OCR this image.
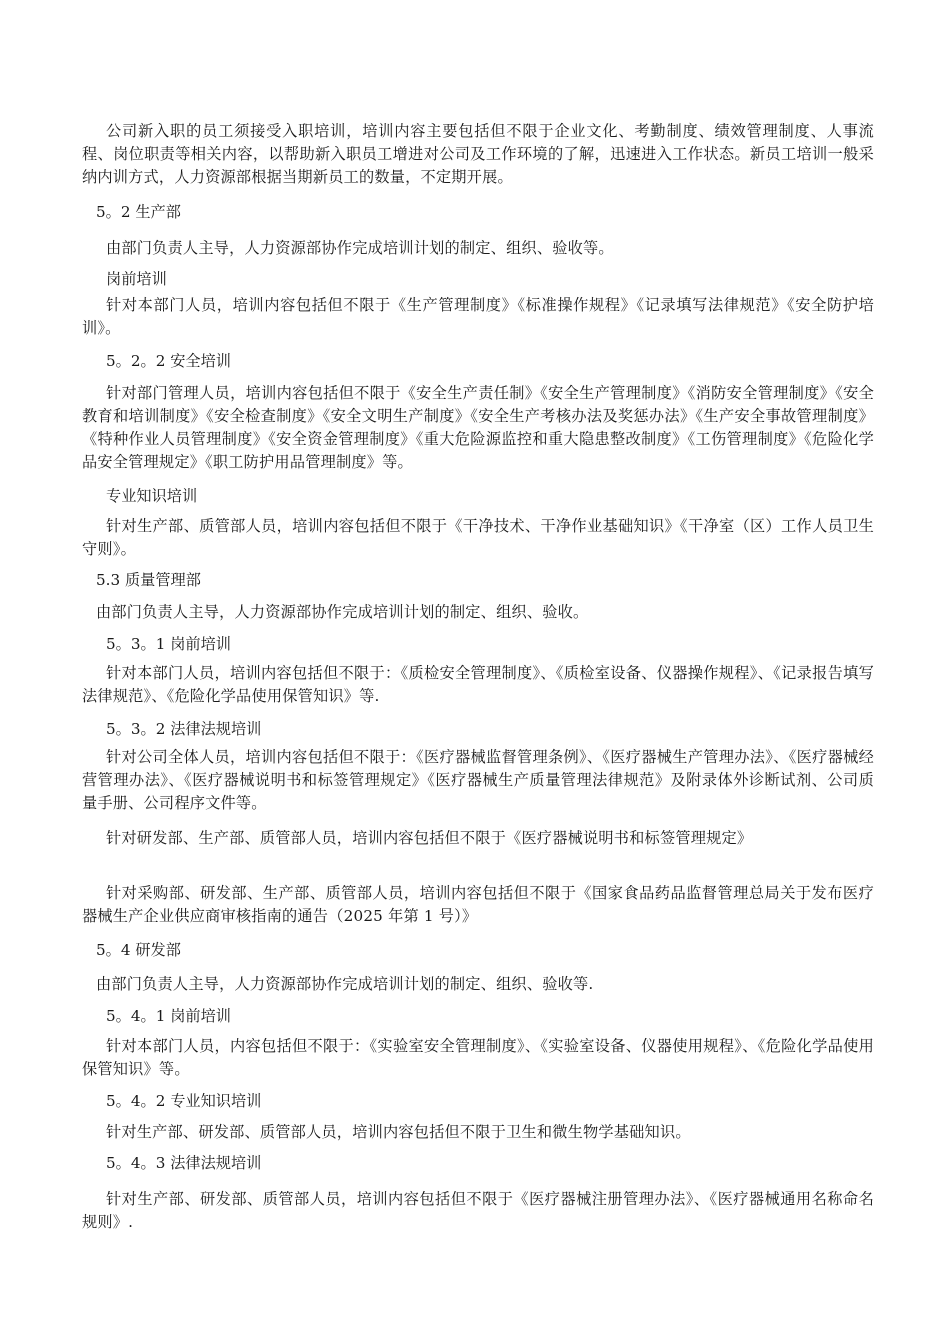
公司新入职的员工须接受入职培训，培训内容主要包括但不限于企业文化、考勤制度、绩效管理制度、人事流程、岗位职责等相关内容，以帮助新入职员工增进对公司及工作环境的了解，迅速进入工作状态。新员工培训一般采纳内训方式，人力资源部根据当期新员工的数量，不定期开展。

5。2 生产部

由部门负责人主导，人力资源部协作完成培训计划的制定、组织、验收等。

岗前培训

针对本部门人员，培训内容包括但不限于《生产管理制度》《标准操作规程》《记录填写法律规范》《安全防护培训》。

5。2。2 安全培训

针对部门管理人员，培训内容包括但不限于《安全生产责任制》《安全生产管理制度》《消防安全管理制度》《安全教育和培训制度》《安全检查制度》《安全文明生产制度》《安全生产考核办法及奖惩办法》《生产安全事故管理制度》《特种作业人员管理制度》《安全资金管理制度》《重大危险源监控和重大隐患整改制度》《工伤管理制度》《危险化学品安全管理规定》《职工防护用品管理制度》等。

专业知识培训

针对生产部、质管部人员，培训内容包括但不限于《干净技术、干净作业基础知识》《干净室（区）工作人员卫生守则》。

5.3 质量管理部

由部门负责人主导，人力资源部协作完成培训计划的制定、组织、验收。

5。3。1 岗前培训

针对本部门人员，培训内容包括但不限于：《质检安全管理制度》、《质检室设备、仪器操作规程》、《记录报告填写法律规范》、《危险化学品使用保管知识》等.

5。3。2 法律法规培训

针对公司全体人员，培训内容包括但不限于：《医疗器械监督管理条例》、《医疗器械生产管理办法》、《医疗器械经营管理办法》、《医疗器械说明书和标签管理规定》《医疗器械生产质量管理法律规范》及附录体外诊断试剂、公司质量手册、公司程序文件等。

针对研发部、生产部、质管部人员，培训内容包括但不限于《医疗器械说明书和标签管理规定》

针对采购部、研发部、生产部、质管部人员，培训内容包括但不限于《国家食品药品监督管理总局关于发布医疗器械生产企业供应商审核指南的通告（2025 年第 1 号）》

5。4 研发部

由部门负责人主导，人力资源部协作完成培训计划的制定、组织、验收等.

5。4。1 岗前培训

针对本部门人员，内容包括但不限于：《实验室安全管理制度》、《实验室设备、仪器使用规程》、《危险化学品使用保管知识》等。

5。4。2 专业知识培训

针对生产部、研发部、质管部人员，培训内容包括但不限于卫生和微生物学基础知识。

5。4。3 法律法规培训

针对生产部、研发部、质管部人员，培训内容包括但不限于《医疗器械注册管理办法》、《医疗器械通用名称命名规则》.
